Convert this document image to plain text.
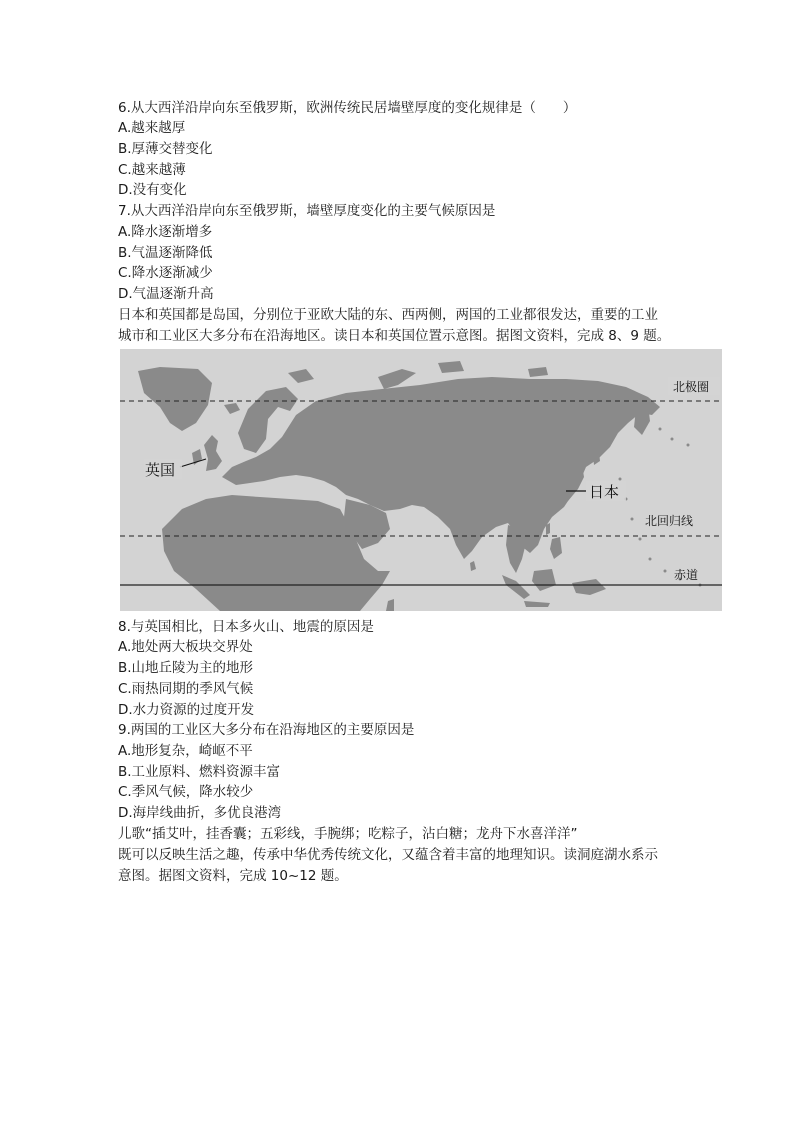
6.从大西洋沿岸向东至俄罗斯，欧洲传统民居墙壁厚度的变化规律是（　　）
A.越来越厚
B.厚薄交替变化
C.越来越薄
D.没有变化
7.从大西洋沿岸向东至俄罗斯，墙壁厚度变化的主要气候原因是
A.降水逐渐增多
B.气温逐渐降低
C.降水逐渐减少
D.气温逐渐升高
日本和英国都是岛国，分别位于亚欧大陆的东、西两侧，两国的工业都很发达，重要的工业
城市和工业区大多分布在沿海地区。读日本和英国位置示意图。据图文资料，完成 8、9 题。
英国
日本
北极圈
北回归线
赤道
8.与英国相比，日本多火山、地震的原因是
A.地处两大板块交界处
B.山地丘陵为主的地形
C.雨热同期的季风气候
D.水力资源的过度开发
9.两国的工业区大多分布在沿海地区的主要原因是
A.地形复杂，崎岖不平
B.工业原料、燃料资源丰富
C.季风气候，降水较少
D.海岸线曲折，多优良港湾
儿歌“插艾叶，挂香囊；五彩线，手腕绑；吃粽子，沾白糖；龙舟下水喜洋洋”
既可以反映生活之趣，传承中华优秀传统文化，又蕴含着丰富的地理知识。读洞庭湖水系示
意图。据图文资料，完成 10~12 题。
